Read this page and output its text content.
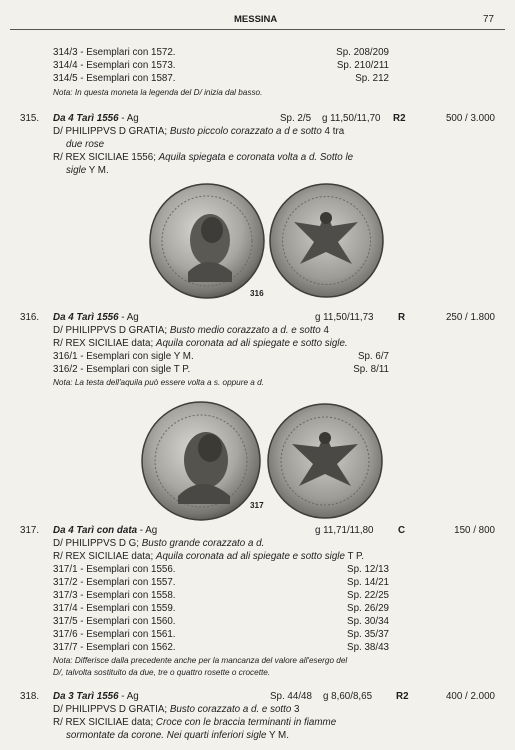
MESSINA	77
314/3 - Esemplari con 1572.	Sp. 208/209
314/4 - Esemplari con 1573.	Sp. 210/211
314/5 - Esemplari con 1587.	Sp. 212
Nota: In questa moneta la legenda del D/ inizia dal basso.
315. Da 4 Tarì 1556 - Ag	Sp. 2/5 g 11,50/11,70 R2	500 / 3.000
D/ PHILIPPVS D GRATIA; Busto piccolo corazzato a d e sotto 4 tra
due rose
R/ REX SICILIAE 1556; Aquila spiegata e coronata volta a d. Sotto le
sigle Y M.
316
316. Da 4 Tarì 1556 - Ag	g 11,50/11,73	R	250 / 1.800
D/ PHILIPPVS D GRATIA; Busto medio corazzato a d. e sotto 4
R/ REX SICILIAE data; Aquila coronata ad ali spiegate e sotto sigle.
316/1 - Esemplari con sigle Y M.	Sp. 6/7
316/2 - Esemplari con sigle T P.	Sp. 8/11
Nota: La testa dell'aquila può essere volta a s. oppure a d.
317
317. Da 4 Tarì con data - Ag	g 11,71/11,80	C	150 / 800
D/ PHILIPPVS D G; Busto grande corazzato a d.
R/ REX SICILIAE data; Aquila coronata ad ali spiegate e sotto sigle T P.
317/1 - Esemplari con 1556.	Sp. 12/13
317/2 - Esemplari con 1557.	Sp. 14/21
317/3 - Esemplari con 1558.	Sp. 22/25
317/4 - Esemplari con 1559.	Sp. 26/29
317/5 - Esemplari con 1560.	Sp. 30/34
317/6 - Esemplari con 1561.	Sp. 35/37
317/7 - Esemplari con 1562.	Sp. 38/43
Nota: Differisce dalla precedente anche per la mancanza del valore all'esergo del
D/, talvolta sostituito da due, tre o quattro rosette o crocette.
318. Da 3 Tarì 1556 - Ag	Sp. 44/48 g 8,60/8,65 R2	400 / 2.000
D/ PHILIPPVS D GRATIA; Busto corazzato a d. e sotto 3
R/ REX SICILIAE data; Croce con le braccia terminanti in fiamme
sormontate da corone. Nei quarti inferiori sigle Y M.
